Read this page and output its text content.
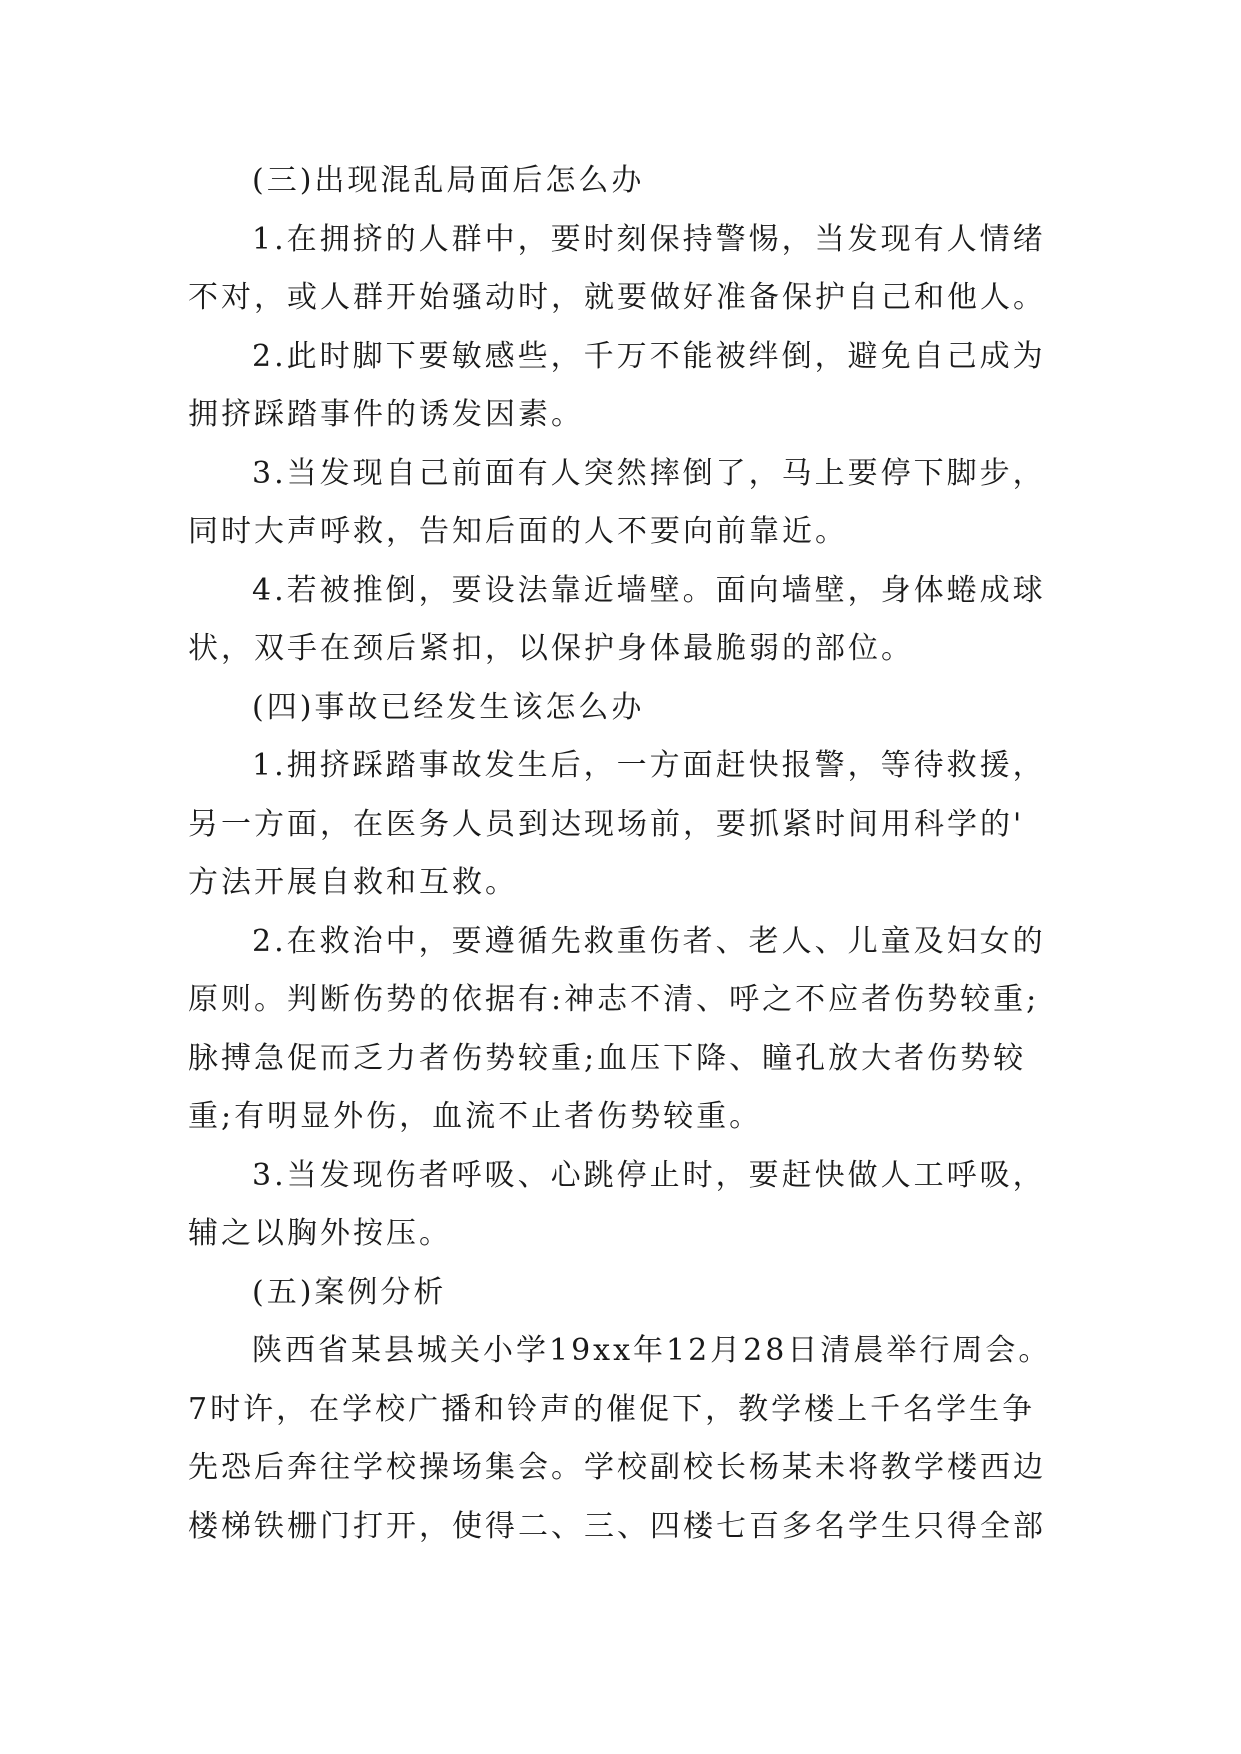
(三)出现混乱局面后怎么办
1.在拥挤的人群中，要时刻保持警惕，当发现有人情绪
不对，或人群开始骚动时，就要做好准备保护自己和他人。
2.此时脚下要敏感些，千万不能被绊倒，避免自己成为
拥挤踩踏事件的诱发因素。
3.当发现自己前面有人突然摔倒了，马上要停下脚步，
同时大声呼救，告知后面的人不要向前靠近。
4.若被推倒，要设法靠近墙壁。面向墙壁，身体蜷成球
状，双手在颈后紧扣，以保护身体最脆弱的部位。
(四)事故已经发生该怎么办
1.拥挤踩踏事故发生后，一方面赶快报警，等待救援，
另一方面，在医务人员到达现场前，要抓紧时间用科学的'
方法开展自救和互救。
2.在救治中，要遵循先救重伤者、老人、儿童及妇女的
原则。判断伤势的依据有:神志不清、呼之不应者伤势较重;
脉搏急促而乏力者伤势较重;血压下降、瞳孔放大者伤势较
重;有明显外伤，血流不止者伤势较重。
3.当发现伤者呼吸、心跳停止时，要赶快做人工呼吸，
辅之以胸外按压。
(五)案例分析
陕西省某县城关小学19xx年12月28日清晨举行周会。
7时许，在学校广播和铃声的催促下，教学楼上千名学生争
先恐后奔往学校操场集会。学校副校长杨某未将教学楼西边
楼梯铁栅门打开，使得二、三、四楼七百多名学生只得全部
